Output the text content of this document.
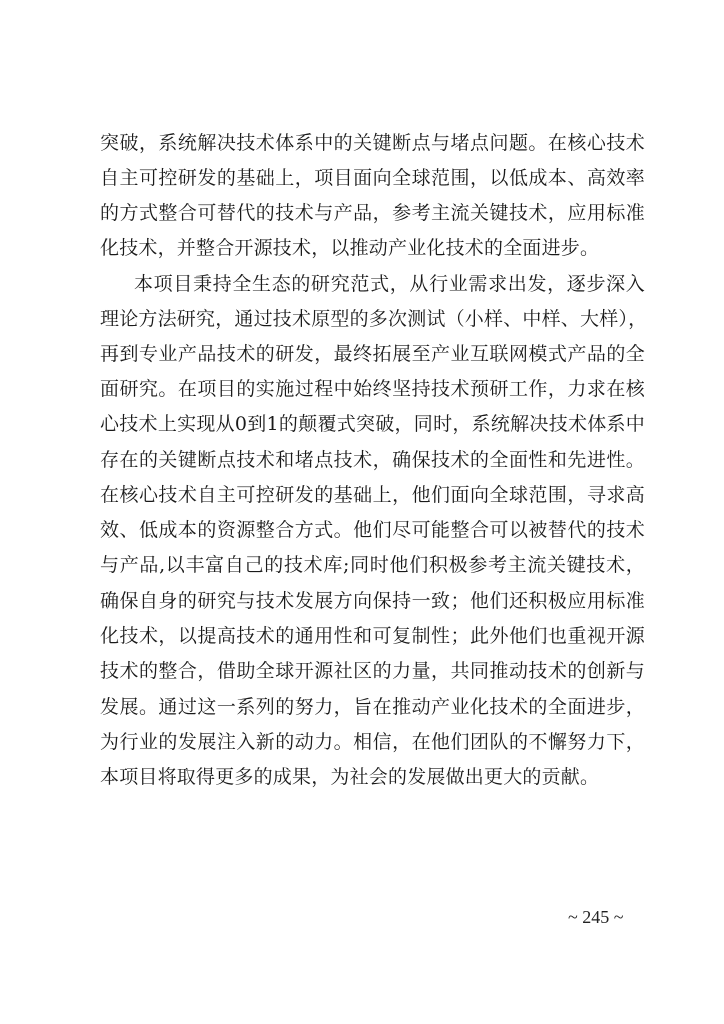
突破，系统解决技术体系中的关键断点与堵点问题。在核心技术
自主可控研发的基础上，项目面向全球范围，以低成本、高效率
的方式整合可替代的技术与产品，参考主流关键技术，应用标准
化技术，并整合开源技术，以推动产业化技术的全面进步。
本项目秉持全生态的研究范式，从行业需求出发，逐步深入
理论方法研究，通过技术原型的多次测试（小样、中样、大样），
再到专业产品技术的研发，最终拓展至产业互联网模式产品的全
面研究。在项目的实施过程中始终坚持技术预研工作，力求在核
心技术上实现从0到1的颠覆式突破，同时，系统解决技术体系中
存在的关键断点技术和堵点技术，确保技术的全面性和先进性。
在核心技术自主可控研发的基础上，他们面向全球范围，寻求高
效、低成本的资源整合方式。他们尽可能整合可以被替代的技术
与产品,以丰富自己的技术库;同时他们积极参考主流关键技术，
确保自身的研究与技术发展方向保持一致；他们还积极应用标准
化技术，以提高技术的通用性和可复制性；此外他们也重视开源
技术的整合，借助全球开源社区的力量，共同推动技术的创新与
发展。通过这一系列的努力，旨在推动产业化技术的全面进步，
为行业的发展注入新的动力。相信，在他们团队的不懈努力下，
本项目将取得更多的成果，为社会的发展做出更大的贡献。
~ 245 ~
